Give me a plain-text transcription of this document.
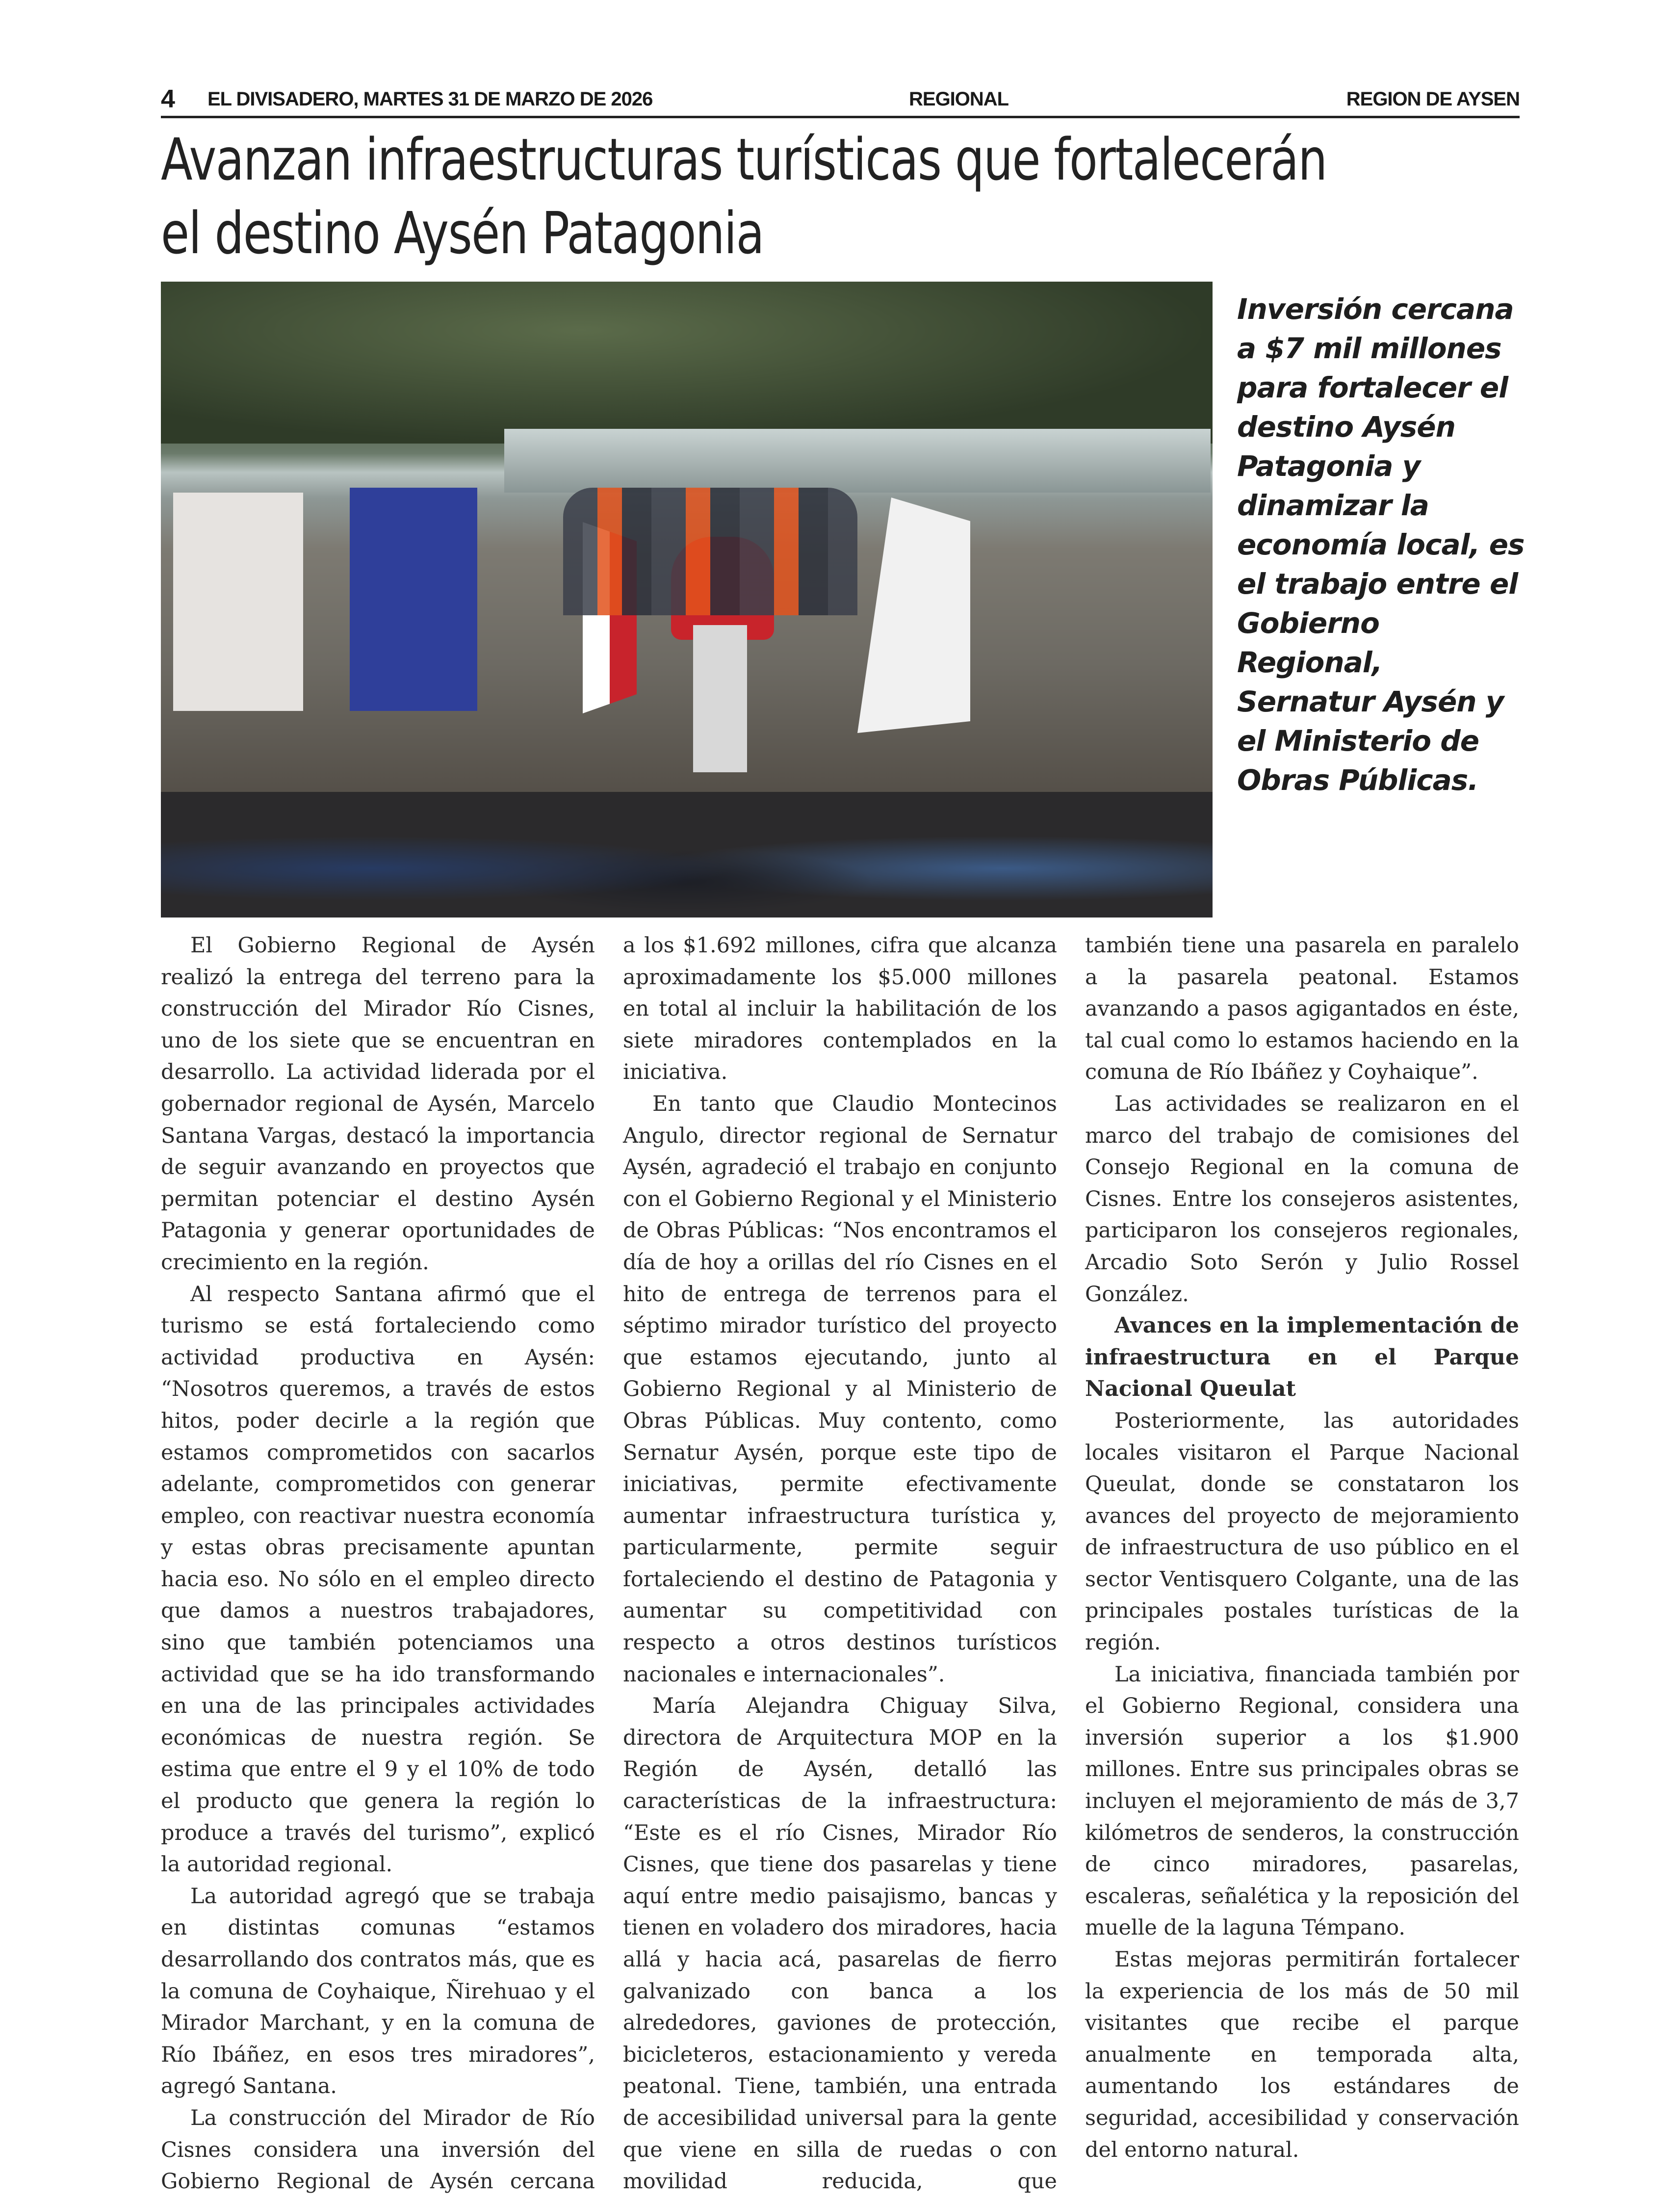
4 EL DIVISADERO, MARTES 31 DE MARZO DE 2026	REGIONAL	REGION DE AYSEN
Avanzan infraestructuras turísticas que fortalecerán
el destino Aysén Patagonia

Inversión cercana a $7 mil millones para fortalecer el destino Aysén Patagonia y dinamizar la economía local, es el trabajo entre el Gobierno Regional, Sernatur Aysén y el Ministerio de Obras Públicas.

El Gobierno Regional de Aysén realizó la entrega del terreno para la construcción del Mirador Río Cisnes, uno de los siete que se encuentran en desarrollo. La actividad liderada por el gobernador regional de Aysén, Marcelo Santana Vargas, destacó la importancia de seguir avanzando en proyectos que permitan potenciar el destino Aysén Patagonia y generar oportunidades de crecimiento en la región.

Al respecto Santana afirmó que el turismo se está fortaleciendo como actividad productiva en Aysén: “Nosotros queremos, a través de estos hitos, poder decirle a la región que estamos comprometidos con sacarlos adelante, comprometidos con generar empleo, con reactivar nuestra economía y estas obras precisamente apuntan hacia eso. No sólo en el empleo directo que damos a nuestros trabajadores, sino que también potenciamos una actividad que se ha ido transformando en una de las principales actividades económicas de nuestra región. Se estima que entre el 9 y el 10% de todo el producto que genera la región lo produce a través del turismo”, explicó la autoridad regional.

La autoridad agregó que se trabaja en distintas comunas “estamos desarrollando dos contratos más, que es la comuna de Coyhaique, Ñirehuao y el Mirador Marchant, y en la comuna de Río Ibáñez, en esos tres miradores”, agregó Santana.

La construcción del Mirador de Río Cisnes considera una inversión del Gobierno Regional de Aysén cercana

a los $1.692 millones, cifra que alcanza aproximadamente los $5.000 millones en total al incluir la habilitación de los siete miradores contemplados en la iniciativa.

En tanto que Claudio Montecinos Angulo, director regional de Sernatur Aysén, agradeció el trabajo en conjunto con el Gobierno Regional y el Ministerio de Obras Públicas: “Nos encontramos el día de hoy a orillas del río Cisnes en el hito de entrega de terrenos para el séptimo mirador turístico del proyecto que estamos ejecutando, junto al Gobierno Regional y al Ministerio de Obras Públicas. Muy contento, como Sernatur Aysén, porque este tipo de iniciativas, permite efectivamente aumentar infraestructura turística y, particularmente, permite seguir fortaleciendo el destino de Patagonia y aumentar su competitividad con respecto a otros destinos turísticos nacionales e internacionales”.

María Alejandra Chiguay Silva, directora de Arquitectura MOP en la Región de Aysén, detalló las características de la infraestructura: “Este es el río Cisnes, Mirador Río Cisnes, que tiene dos pasarelas y tiene aquí entre medio paisajismo, bancas y tienen en voladero dos miradores, hacia allá y hacia acá, pasarelas de fierro galvanizado con banca a los alrededores, gaviones de protección, bicicleteros, estacionamiento y vereda peatonal. Tiene, también, una entrada de accesibilidad universal para la gente que viene en silla de ruedas o con movilidad reducida, que

también tiene una pasarela en paralelo a la pasarela peatonal. Estamos avanzando a pasos agigantados en éste, tal cual como lo estamos haciendo en la comuna de Río Ibáñez y Coyhaique”.

Las actividades se realizaron en el marco del trabajo de comisiones del Consejo Regional en la comuna de Cisnes. Entre los consejeros asistentes, participaron los consejeros regionales, Arcadio Soto Serón y Julio Rossel González.

Avances en la implementación de infraestructura en el Parque Nacional Queulat

Posteriormente, las autoridades locales visitaron el Parque Nacional Queulat, donde se constataron los avances del proyecto de mejoramiento de infraestructura de uso público en el sector Ventisquero Colgante, una de las principales postales turísticas de la región.

La iniciativa, financiada también por el Gobierno Regional, considera una inversión superior a los $1.900 millones. Entre sus principales obras se incluyen el mejoramiento de más de 3,7 kilómetros de senderos, la construcción de cinco miradores, pasarelas, escaleras, señalética y la reposición del muelle de la laguna Témpano.

Estas mejoras permitirán fortalecer la experiencia de los más de 50 mil visitantes que recibe el parque anualmente en temporada alta, aumentando los estándares de seguridad, accesibilidad y conservación del entorno natural.
